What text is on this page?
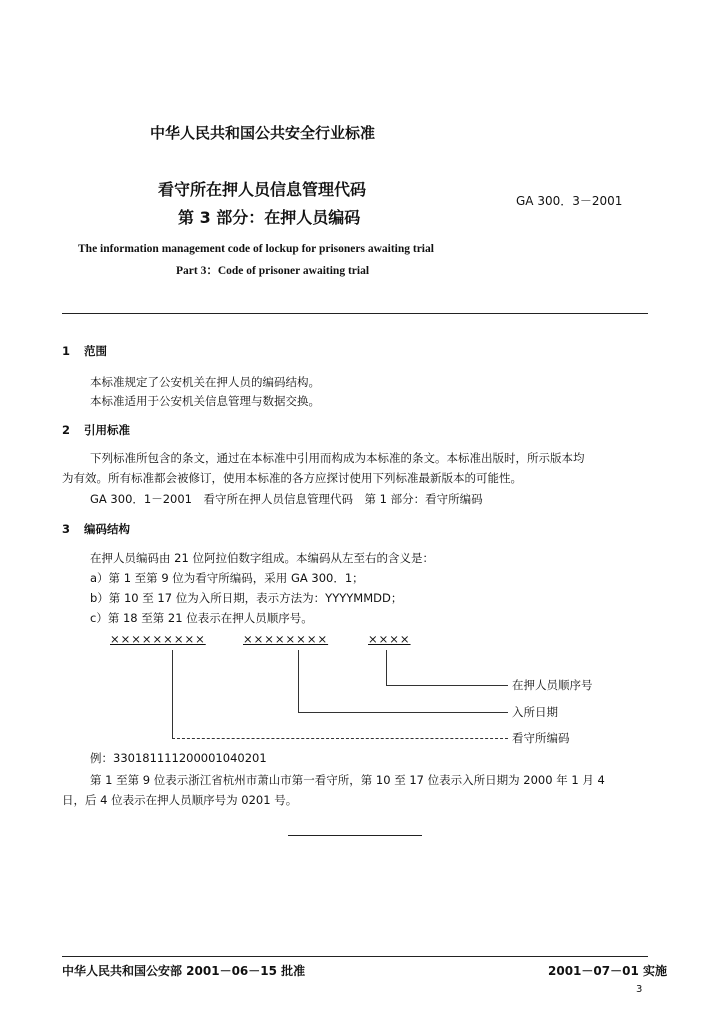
中华人民共和国公共安全行业标准
看守所在押人员信息管理代码
第 3 部分：在押人员编码
GA 300．3－2001
The information management code of lockup for prisoners awaiting trial
Part 3：Code of prisoner awaiting trial
1 范围
本标准规定了公安机关在押人员的编码结构。
本标准适用于公安机关信息管理与数据交换。
2 引用标准
下列标准所包含的条文，通过在本标准中引用而构成为本标准的条文。本标准出版时，所示版本均
为有效。所有标准都会被修订，使用本标准的各方应探讨使用下列标准最新版本的可能性。
GA 300．1－2001　看守所在押人员信息管理代码　第 1 部分：看守所编码
3 编码结构
在押人员编码由 21 位阿拉伯数字组成。本编码从左至右的含义是：
a）第 1 至第 9 位为看守所编码，采用 GA 300．1；
b）第 10 至 17 位为入所日期，表示方法为：YYYYMMDD；
c）第 18 至第 21 位表示在押人员顺序号。
×××××××××	××××××××	××××
在押人员顺序号
入所日期
看守所编码
例：330181111200001040201
第 1 至第 9 位表示浙江省杭州市萧山市第一看守所，第 10 至 17 位表示入所日期为 2000 年 1 月 4
日，后 4 位表示在押人员顺序号为 0201 号。
中华人民共和国公安部 2001－06－15 批准	2001－07－01 实施
3
